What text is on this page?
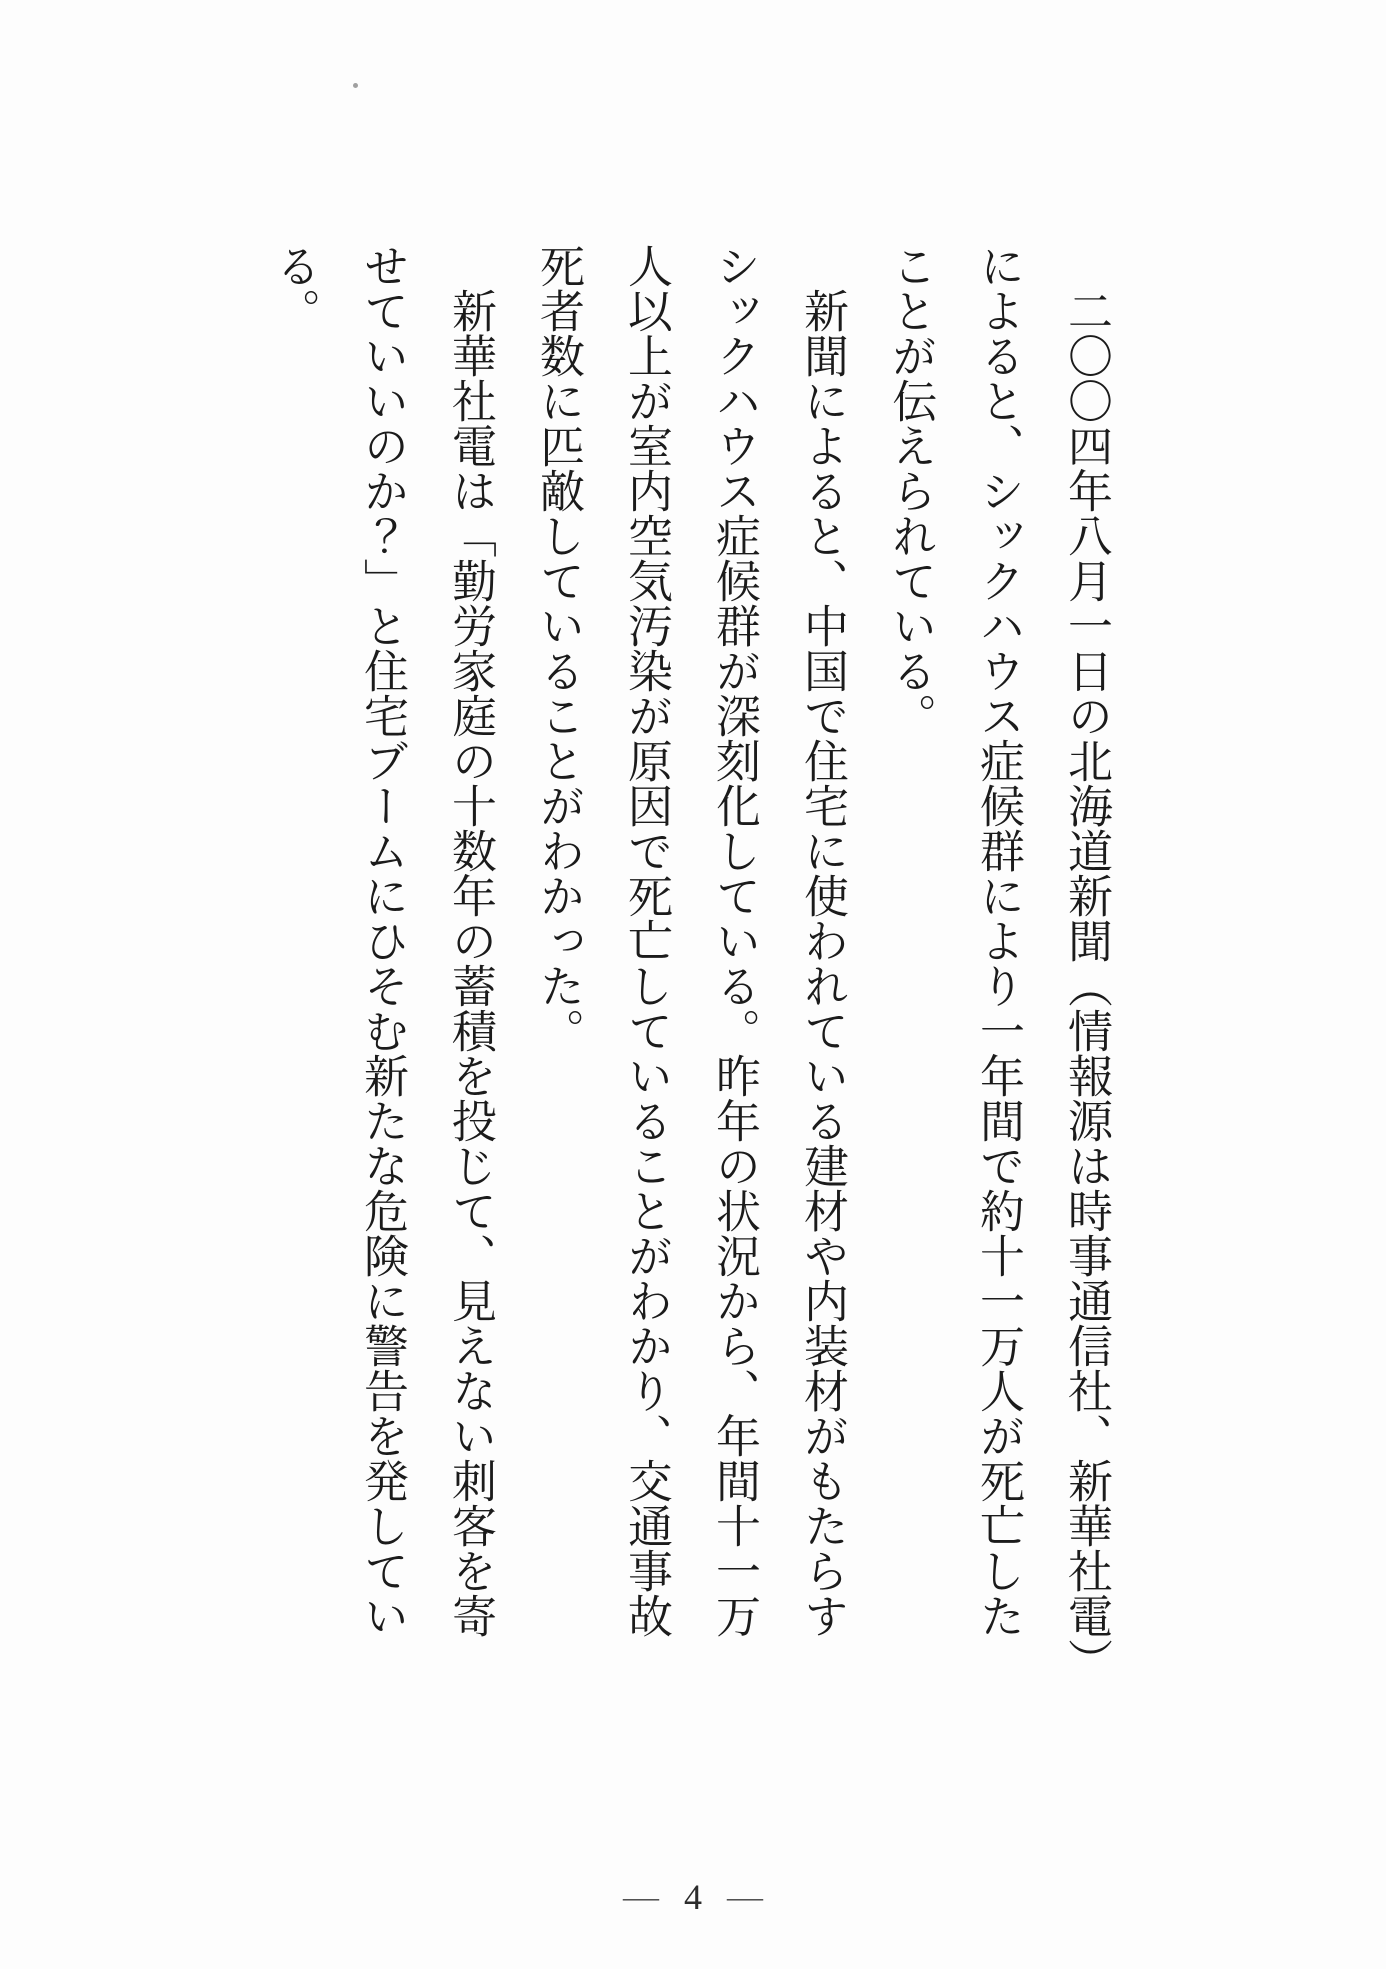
二〇〇四年八月一日の北海道新聞（情報源は時事通信社、新華社電）
によると、シックハウス症候群により一年間で約十一万人が死亡した
ことが伝えられている。
新聞によると、中国で住宅に使われている建材や内装材がもたらす
シックハウス症候群が深刻化している。昨年の状況から、年間十一万
人以上が室内空気汚染が原因で死亡していることがわかり、交通事故
死者数に匹敵していることがわかった。
新華社電は「勤労家庭の十数年の蓄積を投じて、見えない刺客を寄
せていいのか？」と住宅ブームにひそむ新たな危険に警告を発してい
る。
— 4 —
